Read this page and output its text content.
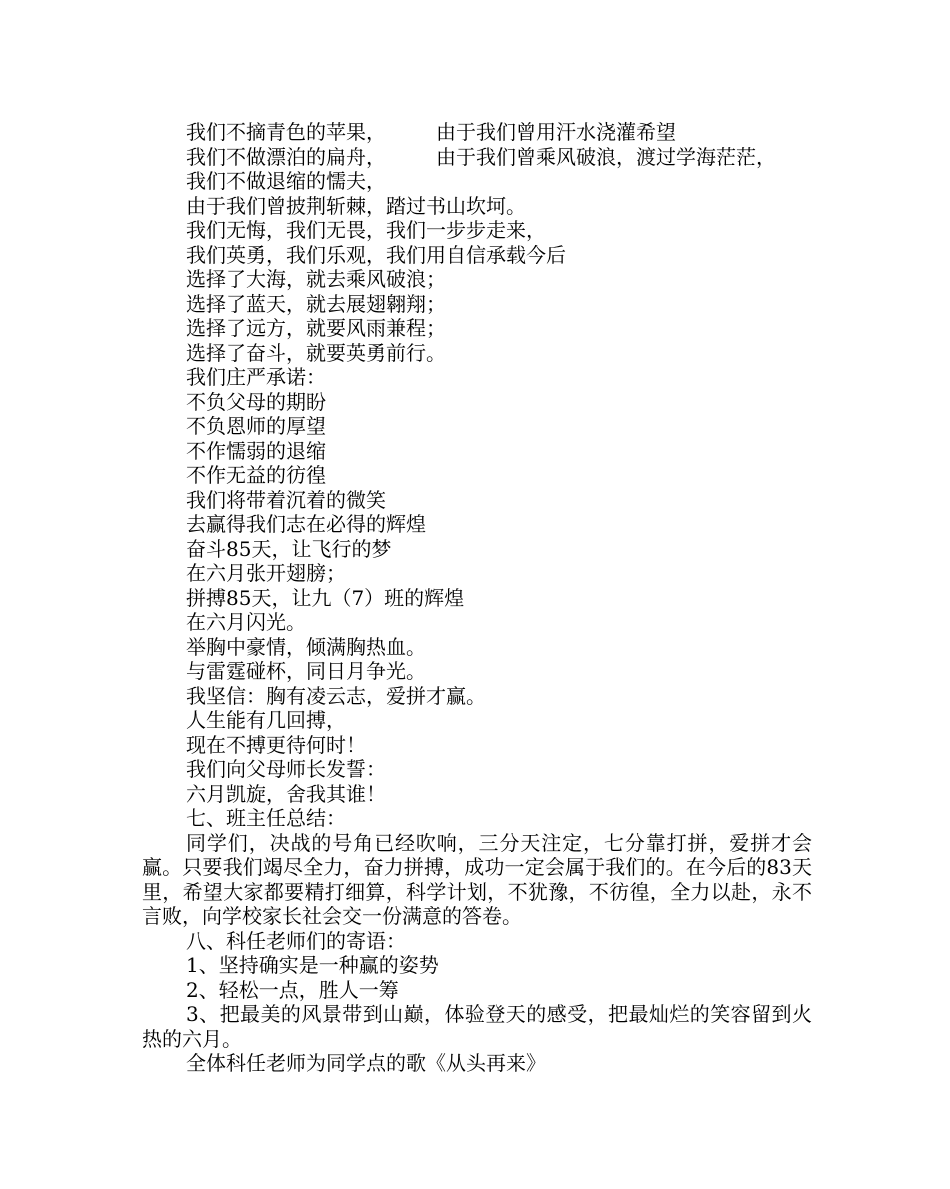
我们不摘青色的苹果，	由于我们曾用汗水浇灌希望
我们不做漂泊的扁舟，	由于我们曾乘风破浪，渡过学海茫茫，
我们不做退缩的懦夫，
由于我们曾披荆斩棘，踏过书山坎坷。
我们无悔，我们无畏，我们一步步走来，
我们英勇，我们乐观，我们用自信承载今后
选择了大海，就去乘风破浪；
选择了蓝天，就去展翅翱翔；
选择了远方，就要风雨兼程；
选择了奋斗，就要英勇前行。
我们庄严承诺：
不负父母的期盼
不负恩师的厚望
不作懦弱的退缩
不作无益的彷徨
我们将带着沉着的微笑
去赢得我们志在必得的辉煌
奋斗85天，让飞行的梦
在六月张开翅膀；
拼搏85天，让九（7）班的辉煌
在六月闪光。
举胸中豪情，倾满胸热血。
与雷霆碰杯，同日月争光。
我坚信：胸有凌云志，爱拼才赢。
人生能有几回搏，
现在不搏更待何时！
我们向父母师长发誓：
六月凯旋，舍我其谁！
七、班主任总结：
同学们，决战的号角已经吹响，三分天注定，七分靠打拼，爱拼才会赢。只要我们竭尽全力，奋力拼搏，成功一定会属于我们的。在今后的83天里，希望大家都要精打细算，科学计划，不犹豫，不彷徨，全力以赴，永不言败，向学校家长社会交一份满意的答卷。
八、科任老师们的寄语：
1、坚持确实是一种赢的姿势
2、轻松一点，胜人一筹
3、把最美的风景带到山巅，体验登天的感受，把最灿烂的笑容留到火热的六月。
全体科任老师为同学点的歌《从头再来》
